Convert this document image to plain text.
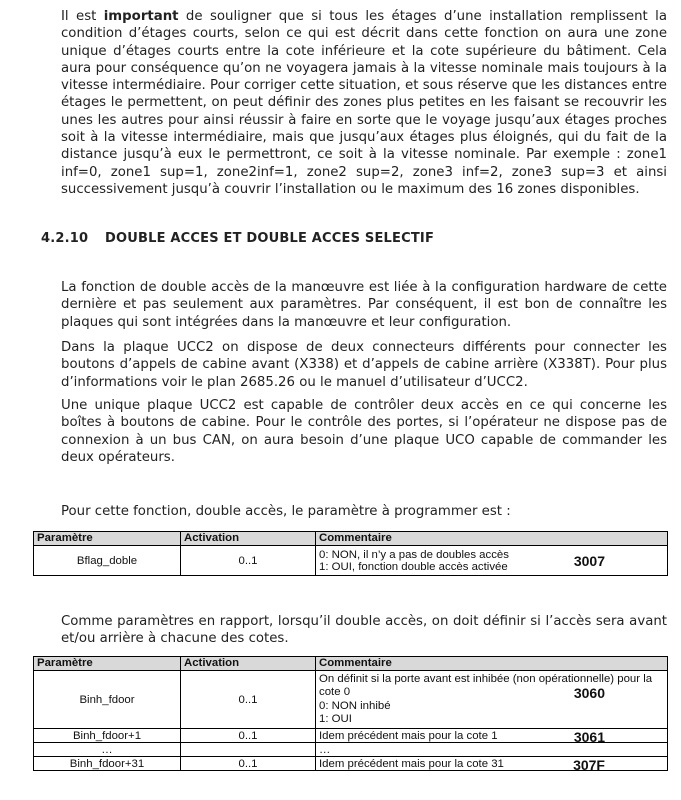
Il est important de souligner que si tous les étages d’une installation remplissent la condition d’étages courts, selon ce qui est décrit dans cette fonction on aura une zone unique d’étages courts entre la cote inférieure et la cote supérieure du bâtiment. Cela aura pour conséquence qu’on ne voyagera jamais à la vitesse nominale mais toujours à la vitesse intermédiaire. Pour corriger cette situation, et sous réserve que les distances entre étages le permettent, on peut définir des zones plus petites en les faisant se recouvrir les unes les autres pour ainsi réussir à faire en sorte que le voyage jusqu’aux étages proches soit à la vitesse intermédiaire, mais que jusqu’aux étages plus éloignés, qui du fait de la distance jusqu’à eux le permettront, ce soit à la vitesse nominale. Par exemple : zone1 inf=0, zone1 sup=1, zone2inf=1, zone2 sup=2, zone3 inf=2, zone3 sup=3 et ainsi successivement jusqu’à couvrir l’installation ou le maximum des 16 zones disponibles.

4.2.10 DOUBLE ACCES ET DOUBLE ACCES SELECTIF

La fonction de double accès de la manœuvre est liée à la configuration hardware de cette dernière et pas seulement aux paramètres. Par conséquent, il est bon de connaître les plaques qui sont intégrées dans la manœuvre et leur configuration.

Dans la plaque UCC2 on dispose de deux connecteurs différents pour connecter les boutons d’appels de cabine avant (X338) et d’appels de cabine arrière (X338T). Pour plus d’informations voir le plan 2685.26 ou le manuel d’utilisateur d’UCC2.

Une unique plaque UCC2 est capable de contrôler deux accès en ce qui concerne les boîtes à boutons de cabine. Pour le contrôle des portes, si l’opérateur ne dispose pas de connexion à un bus CAN, on aura besoin d’une plaque UCO capable de commander les deux opérateurs.

Pour cette fonction, double accès, le paramètre à programmer est :

Paramètre	Activation	Commentaire
Bflag_doble	0..1	0: NON, il n’y a pas de doubles accès
1: OUI, fonction double accès activée 3007

Comme paramètres en rapport, lorsqu’il double accès, on doit définir si l’accès sera avant et/ou arrière à chacune des cotes.

Paramètre	Activation	Commentaire
Binh_fdoor	0..1	On définit si la porte avant est inhibée (non opérationnelle) pour la cote 0
0: NON inhibé
1: OUI
3060

Binh_fdoor+1	0..1	Idem précédent mais pour la cote 1 3061

…		…
Binh_fdoor+31	0..1	Idem précédent mais pour la cote 31 307F
